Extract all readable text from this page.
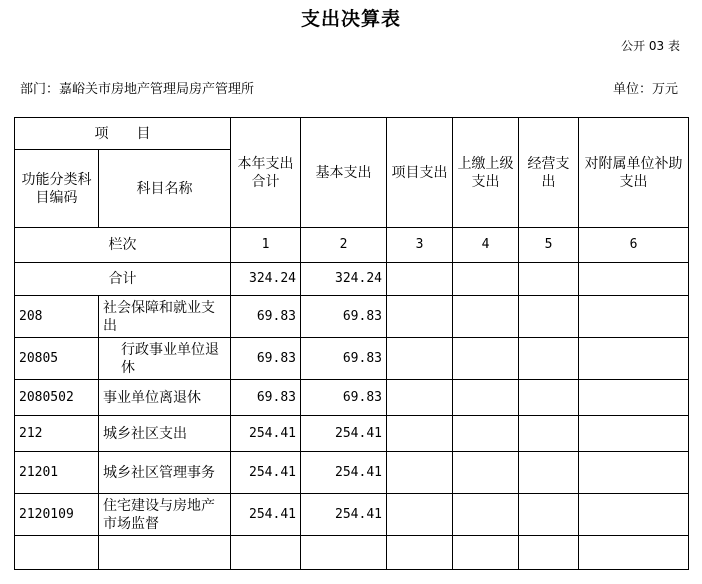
支出决算表
公开 03 表
部门：嘉峪关市房地产管理局房产管理所	单位：万元
项　　目		本年支出合计	基本支出	项目支出	上缴上级支出	经营支出	对附属单位补助支出
功能分类科目编码	科目名称						
栏次		1	2	3	4	5	6
合计		324.24	324.24				
208	社会保障和就业支出	69.83	69.83				
20805	行政事业单位退休	69.83	69.83				
2080502	事业单位离退休	69.83	69.83				
212	城乡社区支出	254.41	254.41				
21201	城乡社区管理事务	254.41	254.41				
2120109	住宅建设与房地产市场监督	254.41	254.41				
